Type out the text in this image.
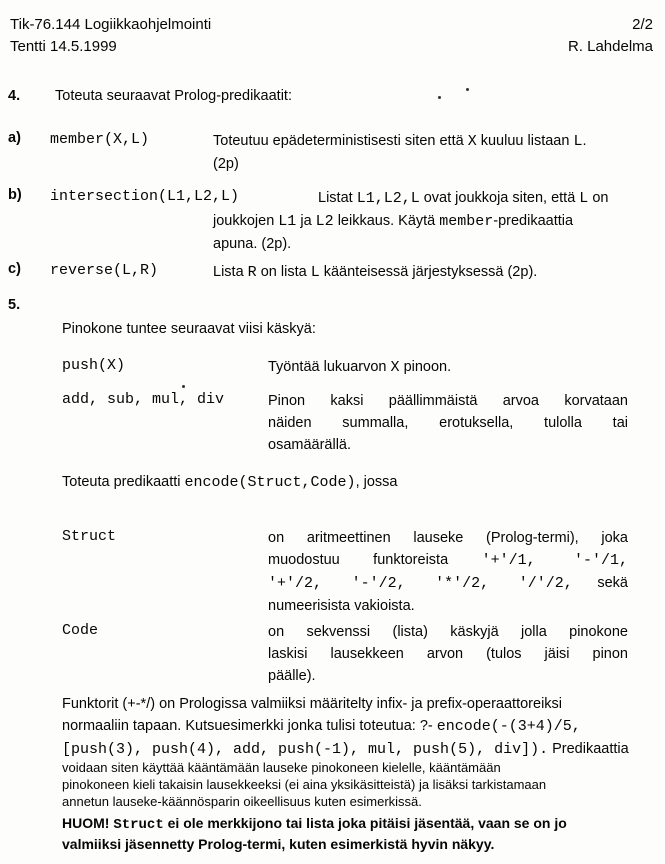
Tik-76.144 Logiikkaohjelmointi
Tentti 14.5.1999
2/2
R. Lahdelma
4. Toteuta seuraavat Prolog-predikaatit:
a) member(X,L)	Toteutuu epädeterministisesti siten että X kuuluu listaan L.
(2p)
b) intersection(L1,L2,L)	Listat L1,L2,L ovat joukkoja siten, että L on
joukkojen L1 ja L2 leikkaus. Käytä member-predikaattia
apuna. (2p).
c) reverse(L,R)	Lista R on lista L käänteisessä järjestyksessä (2p).
5.
Pinokone tuntee seuraavat viisi käskyä:
push(X)	Työntää lukuarvon X pinoon.
add, sub, mul, div	Pinon kaksi päällimmäistä arvoa korvataan
näiden summalla, erotuksella, tulolla tai
osamäärällä.
Toteuta predikaatti encode(Struct,Code), jossa
Struct	on aritmeettinen lauseke (Prolog-termi), joka
muodostuu funktoreista '+'/1, '-'/1,
'+'/2, '-'/2, '*'/2, '/'/2, sekä
numeerisista vakioista.
Code	on sekvenssi (lista) käskyjä jolla pinokone
laskisi lausekkeen arvon (tulos jäisi pinon
päälle).
Funktorit (+-*/) on Prologissa valmiiksi määritelty infix- ja prefix-operaattoreiksi
normaaliin tapaan. Kutsuesimerkki jonka tulisi toteutua: ?- encode(-(3+4)/5,
[push(3), push(4), add, push(-1), mul, push(5), div]). Predikaattia
voidaan siten käyttää kääntämään lauseke pinokoneen kielelle, kääntämään
pinokoneen kieli takaisin lausekkeeksi (ei aina yksikäsitteistä) ja lisäksi tarkistamaan
annetun lauseke-käännösparin oikeellisuus kuten esimerkissä.
HUOM! Struct ei ole merkkijono tai lista joka pitäisi jäsentää, vaan se on jo
valmiiksi jäsennetty Prolog-termi, kuten esimerkistä hyvin näkyy.
